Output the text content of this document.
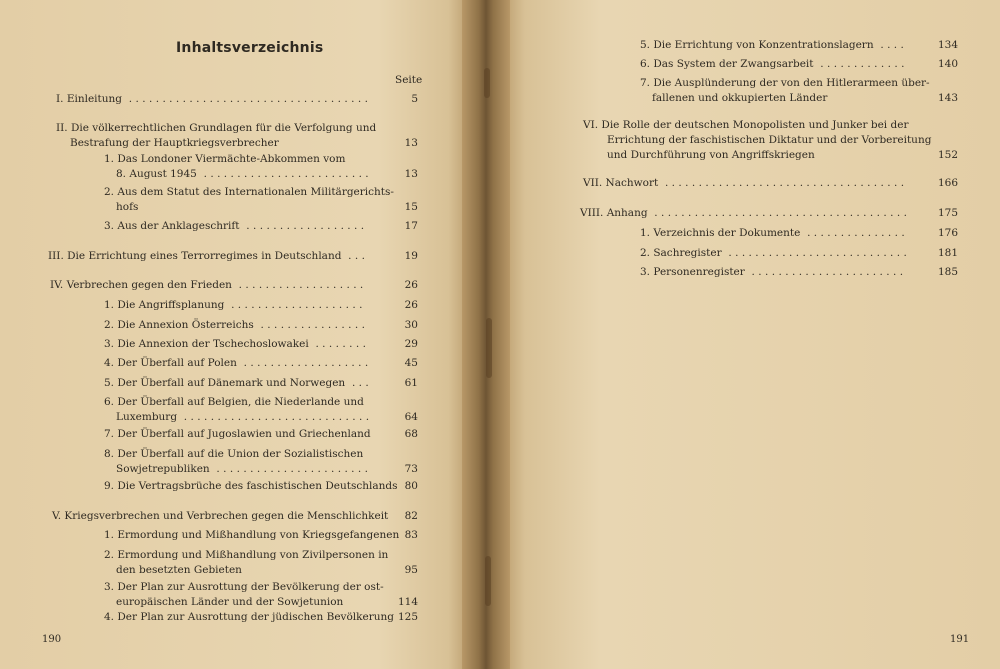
Inhaltsverzeichnis
Seite
I. Einleitung ....................................	5
II. Die völkerrechtlichen Grundlagen für die Verfolgung und
Bestrafung der Hauptkriegsverbrecher	13
1. Das Londoner Viermächte-Abkommen vom
8. August 1945 .........................	13
2. Aus dem Statut des Internationalen Militärgerichts-
hofs	15
3. Aus der Anklageschrift ..................	17
III. Die Errichtung eines Terrorregimes in Deutschland ...	19
IV. Verbrechen gegen den Frieden ...................	26
1. Die Angriffsplanung ....................	26
2. Die Annexion Österreichs ................	30
3. Die Annexion der Tschechoslowakei ........	29
4. Der Überfall auf Polen ...................	45
5. Der Überfall auf Dänemark und Norwegen ...	61
6. Der Überfall auf Belgien, die Niederlande und
Luxemburg ............................	64
7. Der Überfall auf Jugoslawien und Griechenland	68
8. Der Überfall auf die Union der Sozialistischen
Sowjetrepubliken .......................	73
9. Die Vertragsbrüche des faschistischen Deutschlands 80
V. Kriegsverbrechen und Verbrechen gegen die Menschlichkeit	82
1. Ermordung und Mißhandlung von Kriegsgefangenen 83
2. Ermordung und Mißhandlung von Zivilpersonen in
den besetzten Gebieten	95
3. Der Plan zur Ausrottung der Bevölkerung der ost-
europäischen Länder und der Sowjetunion	114
4. Der Plan zur Ausrottung der jüdischen Bevölkerung 125
5. Die Errichtung von Konzentrationslagern ....	134
6. Das System der Zwangsarbeit .............	140
7. Die Ausplünderung der von den Hitlerarmeen über-
fallenen und okkupierten Länder	143
VI. Die Rolle der deutschen Monopolisten und Junker bei der
Errichtung der faschistischen Diktatur und der Vorbereitung
und Durchführung von Angriffskriegen	152
VII. Nachwort ....................................	166
VIII. Anhang ......................................	175
1. Verzeichnis der Dokumente ...............	176
2. Sachregister ...........................	181
3. Personenregister .......................	185
190	191
